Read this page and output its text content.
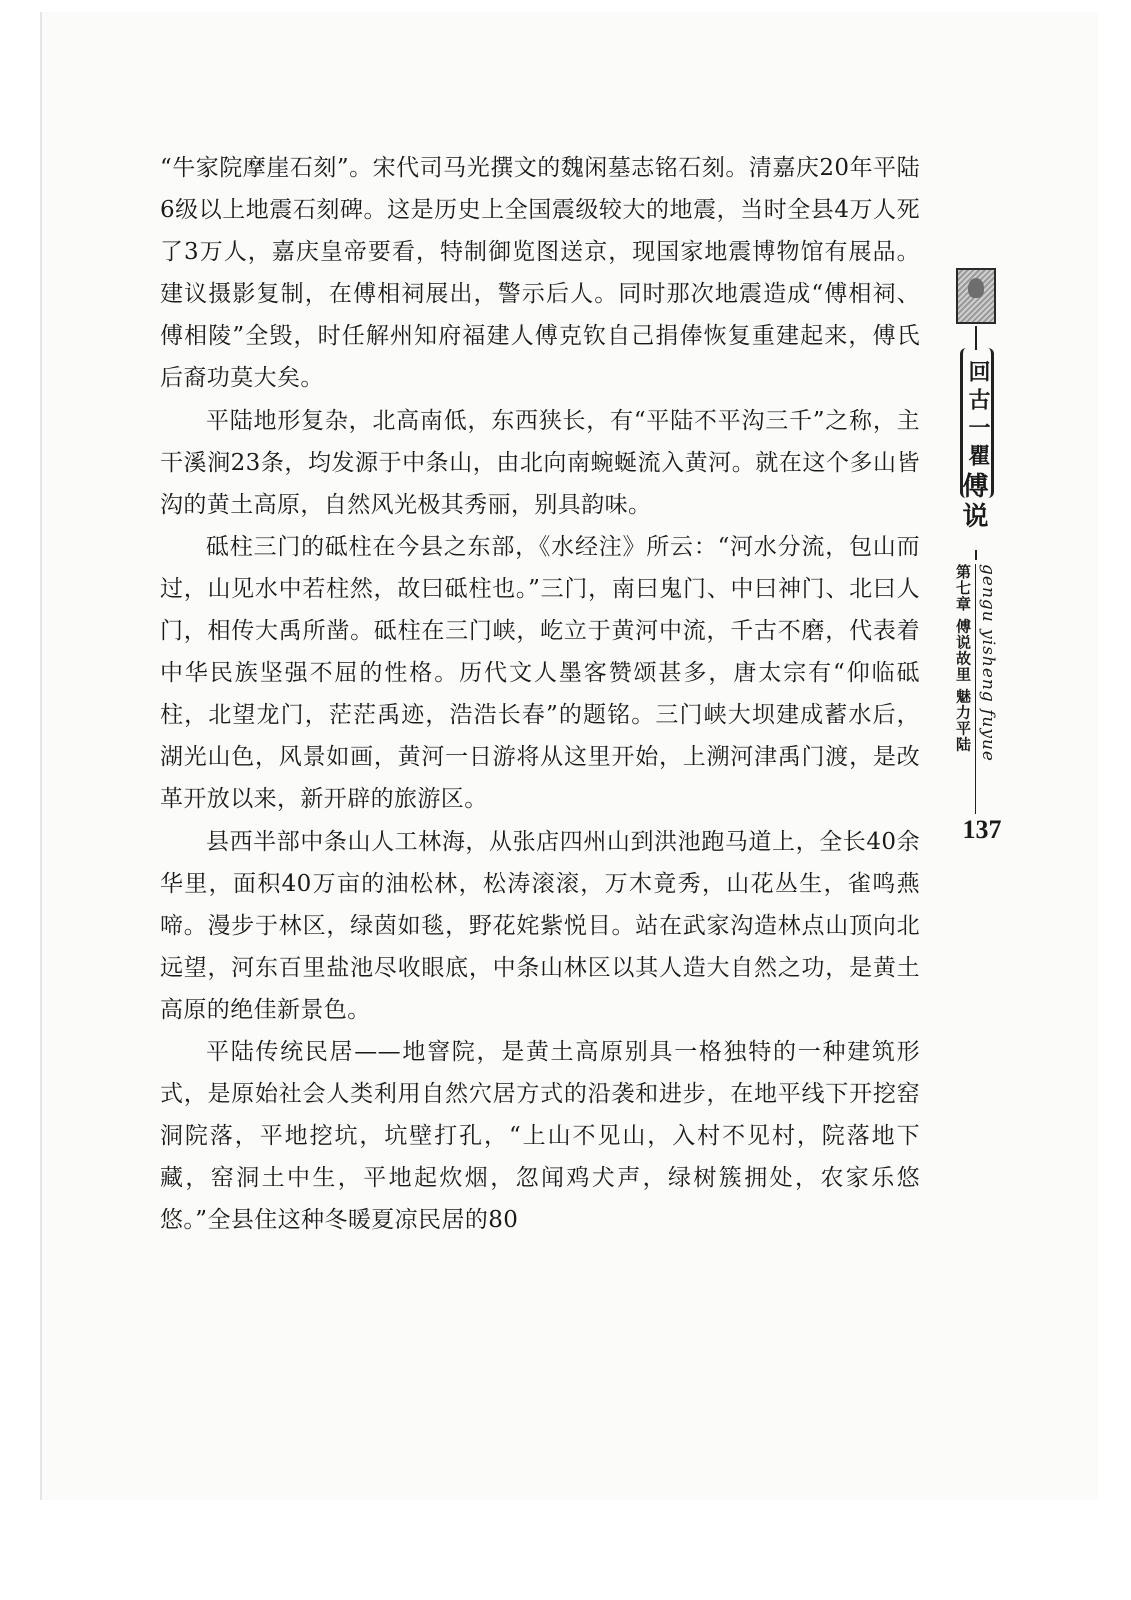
“牛家院摩崖石刻”。宋代司马光撰文的魏闲墓志铭石刻。清嘉庆20年平陆6级以上地震石刻碑。这是历史上全国震级较大的地震，当时全县4万人死了3万人，嘉庆皇帝要看，特制御览图送京，现国家地震博物馆有展品。建议摄影复制，在傅相祠展出，警示后人。同时那次地震造成“傅相祠、傅相陵”全毁，时任解州知府福建人傅克钦自己捐俸恢复重建起来，傅氏后裔功莫大矣。

平陆地形复杂，北高南低，东西狭长，有“平陆不平沟三千”之称，主干溪涧23条，均发源于中条山，由北向南蜿蜒流入黄河。就在这个多山皆沟的黄土高原，自然风光极其秀丽，别具韵味。

砥柱三门的砥柱在今县之东部，《水经注》所云：“河水分流，包山而过，山见水中若柱然，故曰砥柱也。”三门，南曰鬼门、中曰神门、北曰人门，相传大禹所凿。砥柱在三门峡，屹立于黄河中流，千古不磨，代表着中华民族坚强不屈的性格。历代文人墨客赞颂甚多，唐太宗有“仰临砥柱，北望龙门，茫茫禹迹，浩浩长春”的题铭。三门峡大坝建成蓄水后，湖光山色，风景如画，黄河一日游将从这里开始，上溯河津禹门渡，是改革开放以来，新开辟的旅游区。

县西半部中条山人工林海，从张店四州山到洪池跑马道上，全长40余华里，面积40万亩的油松林，松涛滚滚，万木竟秀，山花丛生，雀鸣燕啼。漫步于林区，绿茵如毯，野花姹紫悦目。站在武家沟造林点山顶向北远望，河东百里盐池尽收眼底，中条山林区以其人造大自然之功，是黄土高原的绝佳新景色。

平陆传统民居——地窨院，是黄土高原别具一格独特的一种建筑形式，是原始社会人类利用自然穴居方式的沿袭和进步，在地平线下开挖窑洞院落，平地挖坑，坑壁打孔，“上山不见山，入村不见村，院落地下藏，窑洞土中生，平地起炊烟，忽闻鸡犬声，绿树簇拥处，农家乐悠悠。”全县住这种冬暖夏凉民居的80

回古一瞿
傅说
第七章 傅说故里 魅力平陆 gengu yisheng fuyue
137
